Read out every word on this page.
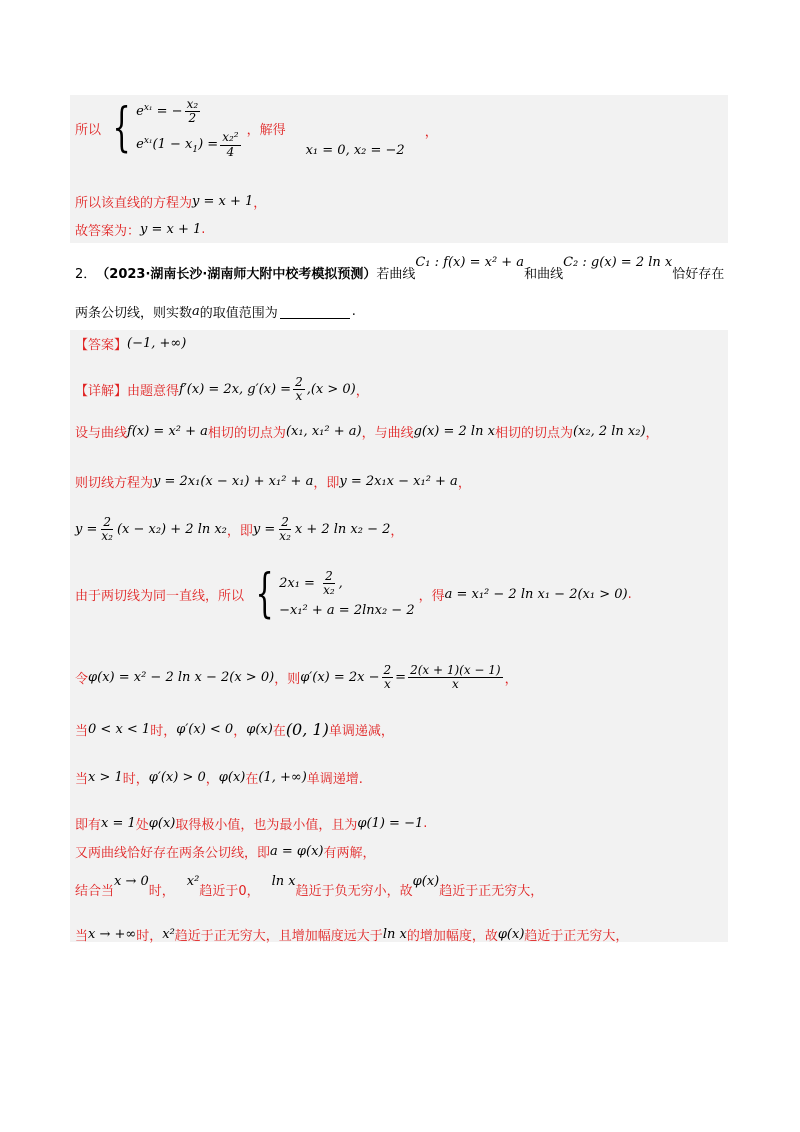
所以 { $e^{x_1}$ = − $\frac{\text{x₂}}{2}$
$e^{x_1}(1 - x_1) = \frac{\text{x₂²}}{4}$
，解得
x₁ = 0, x₂ = −2
，
所以该直线的方程为 y = x + 1 ，
故答案为： y = x + 1 .
2． （2023·湖南长沙·湖南师大附中校考模拟预测） 若曲线
C₁ : f(x) = x² + a
和曲线
C₂ : g(x) = 2 ln x
恰好存在
两条公切线，则实数 a 的取值范围为	.
【答案】 (−1, +∞)
【详解】 由题意得 f′(x) = 2x, $g'(x) = \frac{2}{x} ,(x > 0)$ ，
设与曲线 f(x) = x² + a 相切的切点为 (x₁, x₁² + a) ，与曲线 g(x) = 2 ln x 相切的切点为 (x₂, 2 ln x₂) ，
则切线方程为 y = 2x₁(x − x₁) + x₁² + a ，即 y = 2x₁x − x₁² + a ，
$y = \frac{2}{\text{x₂}} (x - x_2) + 2$ ln x₂ ，即 $y = \frac{2}{\text{x₂}}$ x + 2 ln x₂ − 2 ，
由于两切线为同一直线，所以 { $2x_1 = \frac{2}{\text{x₂}}$ ,
−x₁² + a = 2lnx₂ − 2
，得 a = x₁² − 2 ln x₁ − 2(x₁ > 0) .
令 φ(x) = x² − 2 ln x − 2(x > 0) ，则 $\varphi'(x) = 2x - \frac{2}{x} = \frac{2(x + 1)(x - 1)}{x}$ ，
当 0 < x < 1 时， φ′(x) < 0 ， φ(x) 在 (0, 1) 单调递减，
当 x > 1 时， φ′(x) > 0 ， φ(x) 在 (1, +∞) 单调递增.
即有 x = 1 处 φ(x) 取得极小值，也为最小值，且为 φ(1) = −1 .
又两曲线恰好存在两条公切线，即 a = φ(x) 有两解，
结合当
x → 0
时，
x²
趋近于0，
ln x
趋近于负无穷小，故
φ(x)
趋近于正无穷大，
当 x → +∞ 时， x² 趋近于正无穷大，且增加幅度远大于 ln x 的增加幅度，故 φ(x) 趋近于正无穷大，
